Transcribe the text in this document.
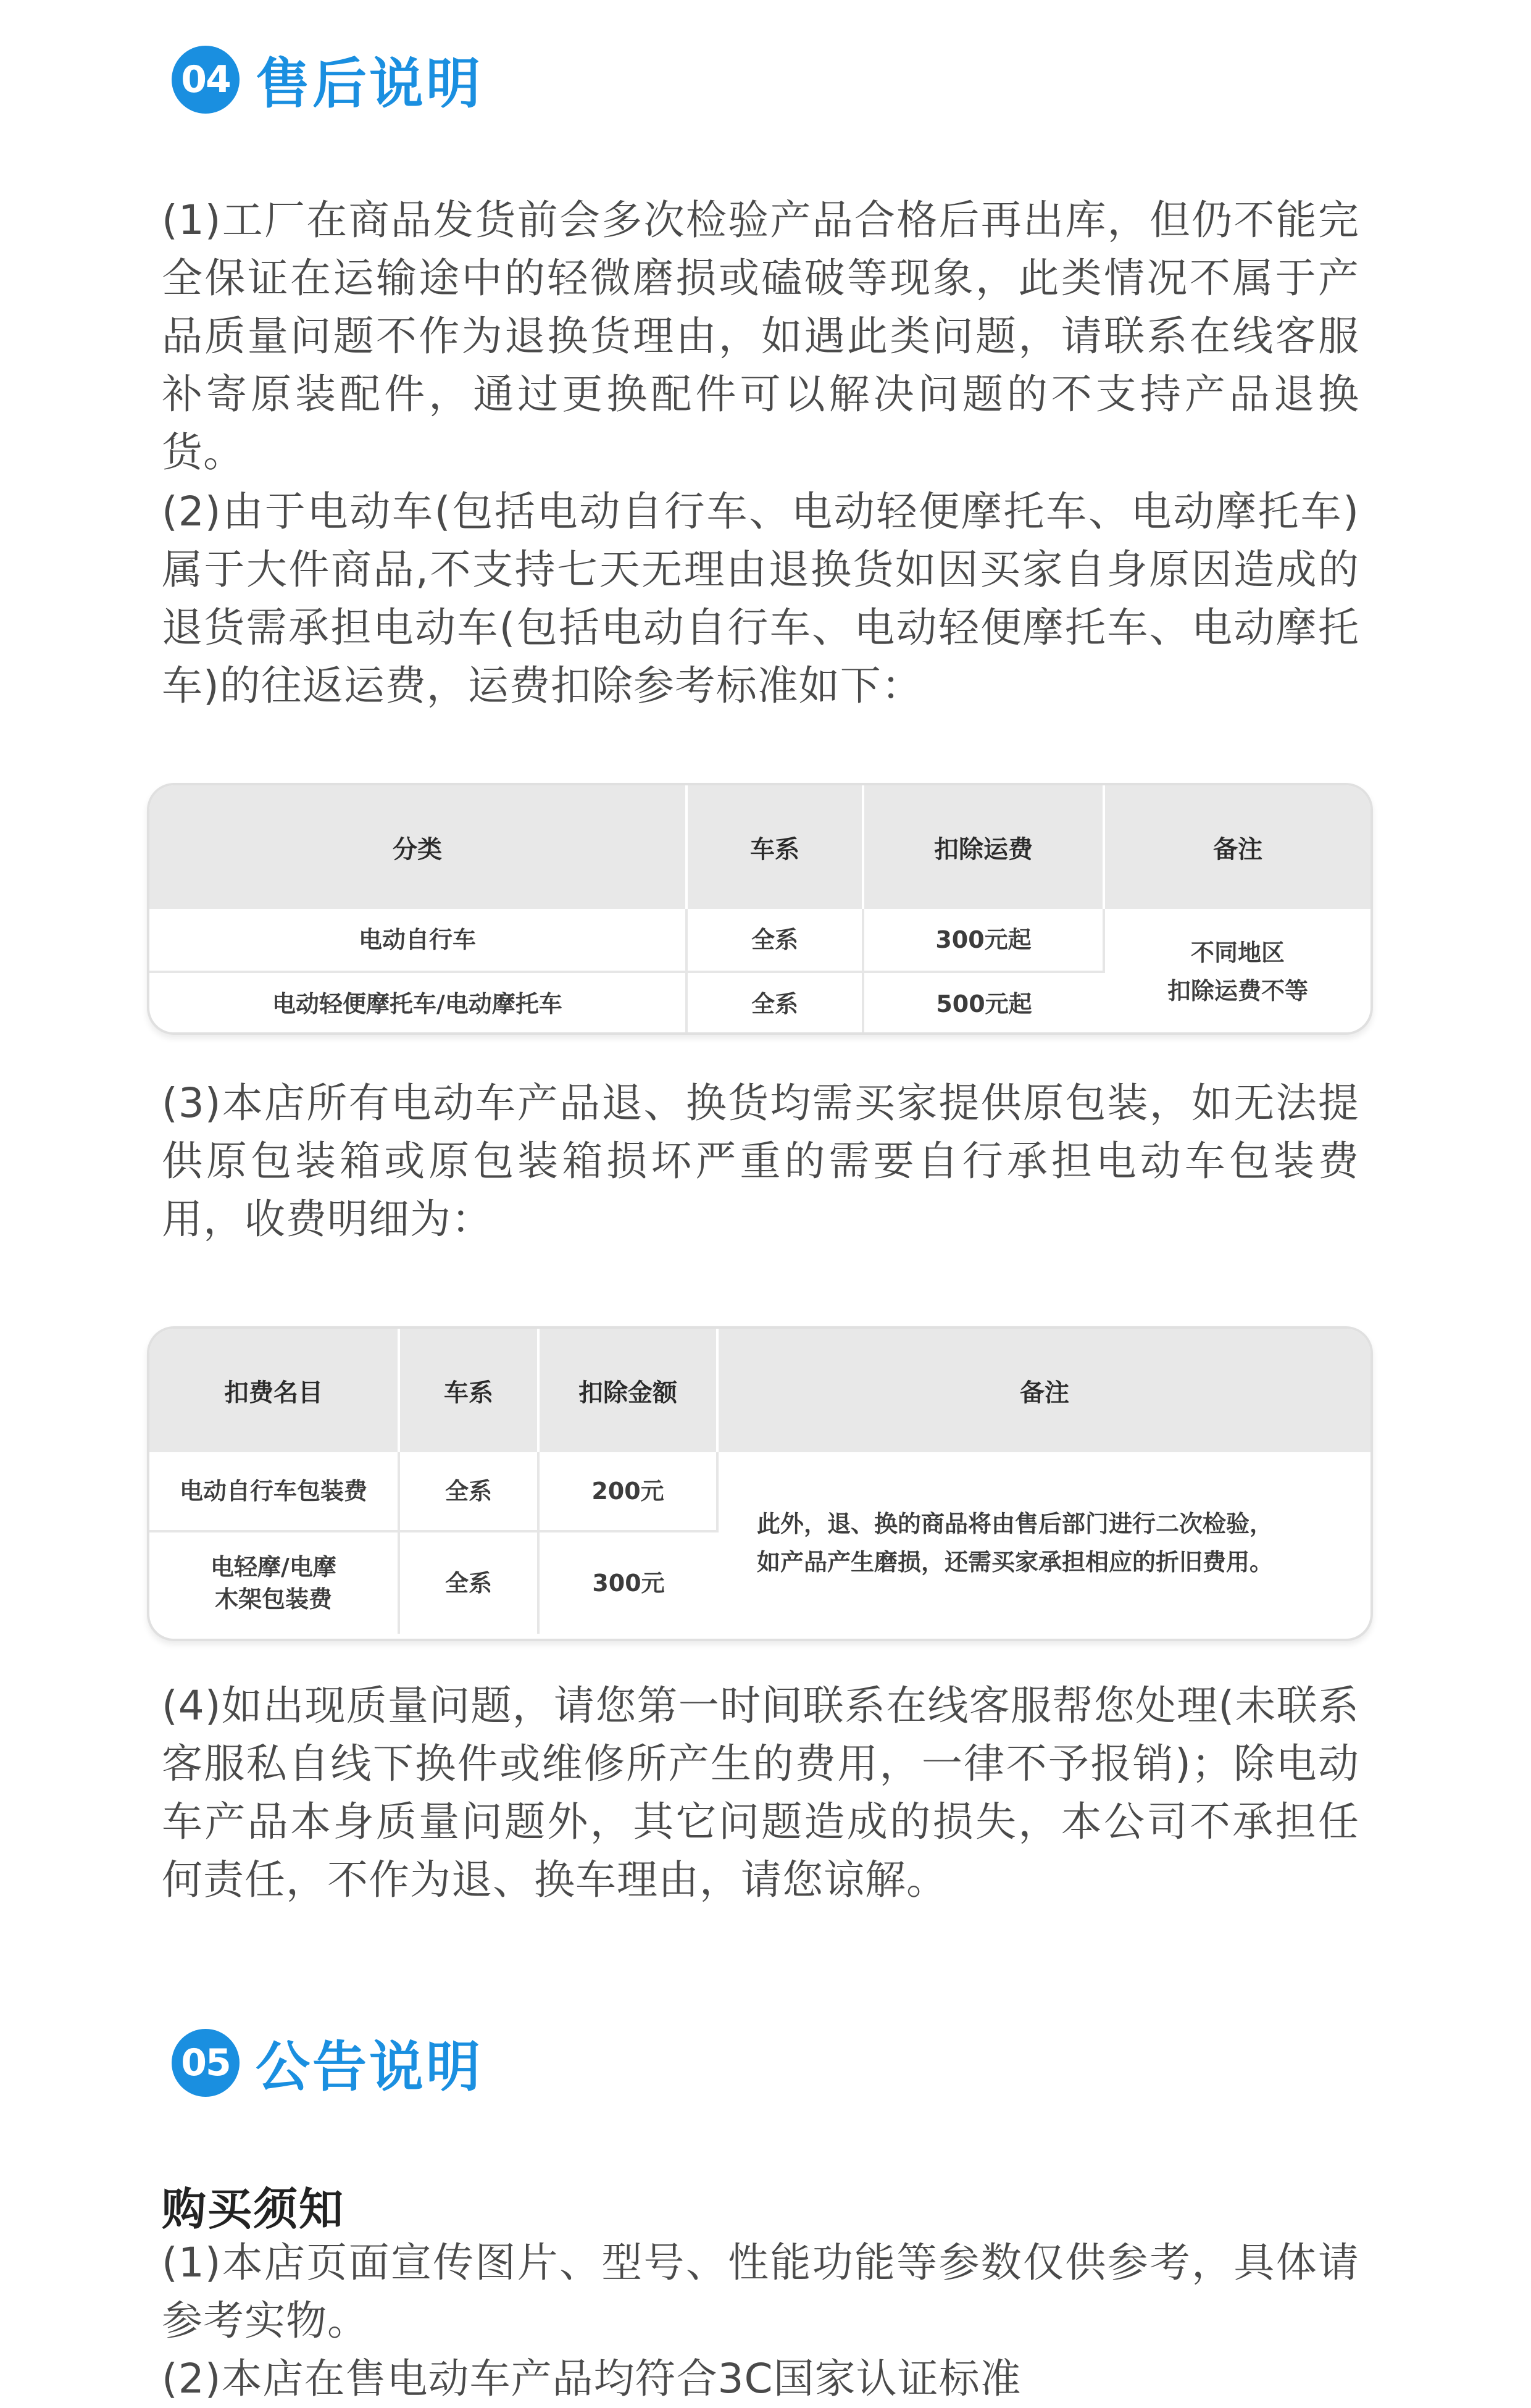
04 售后说明

(1)工厂在商品发货前会多次检验产品合格后再出库，但仍不能完全保证在运输途中的轻微磨损或磕破等现象，此类情况不属于产品质量问题不作为退换货理由，如遇此类问题，请联系在线客服补寄原装配件，通过更换配件可以解决问题的不支持产品退换货。

(2)由于电动车(包括电动自行车、电动轻便摩托车、电动摩托车)属于大件商品,不支持七天无理由退换货如因买家自身原因造成的退货需承担电动车(包括电动自行车、电动轻便摩托车、电动摩托车)的往返运费，运费扣除参考标准如下：

分类	车系	扣除运费	备注
电动自行车	全系	300元起	不同地区
扣除运费不等

电动轻便摩托车/电动摩托车	全系	500元起	

(3)本店所有电动车产品退、换货均需买家提供原包装，如无法提供原包装箱或原包装箱损坏严重的需要自行承担电动车包装费用，收费明细为：

扣费名目	车系	扣除金额	备注
电动自行车包装费	全系	200元	此外，退、换的商品将由售后部门进行二次检验，
如产品产生磨损，还需买家承担相应的折旧费用。

电轻摩/电摩
木架包装费	全系	300元	

(4)如出现质量问题，请您第一时间联系在线客服帮您处理(未联系客服私自线下换件或维修所产生的费用，一律不予报销)；除电动车产品本身质量问题外，其它问题造成的损失，本公司不承担任何责任，不作为退、换车理由，请您谅解。

05 公告说明
购买须知

(1)本店页面宣传图片、型号、性能功能等参数仅供参考，具体请参考实物。

(2)本店在售电动车产品均符合3C国家认证标准
